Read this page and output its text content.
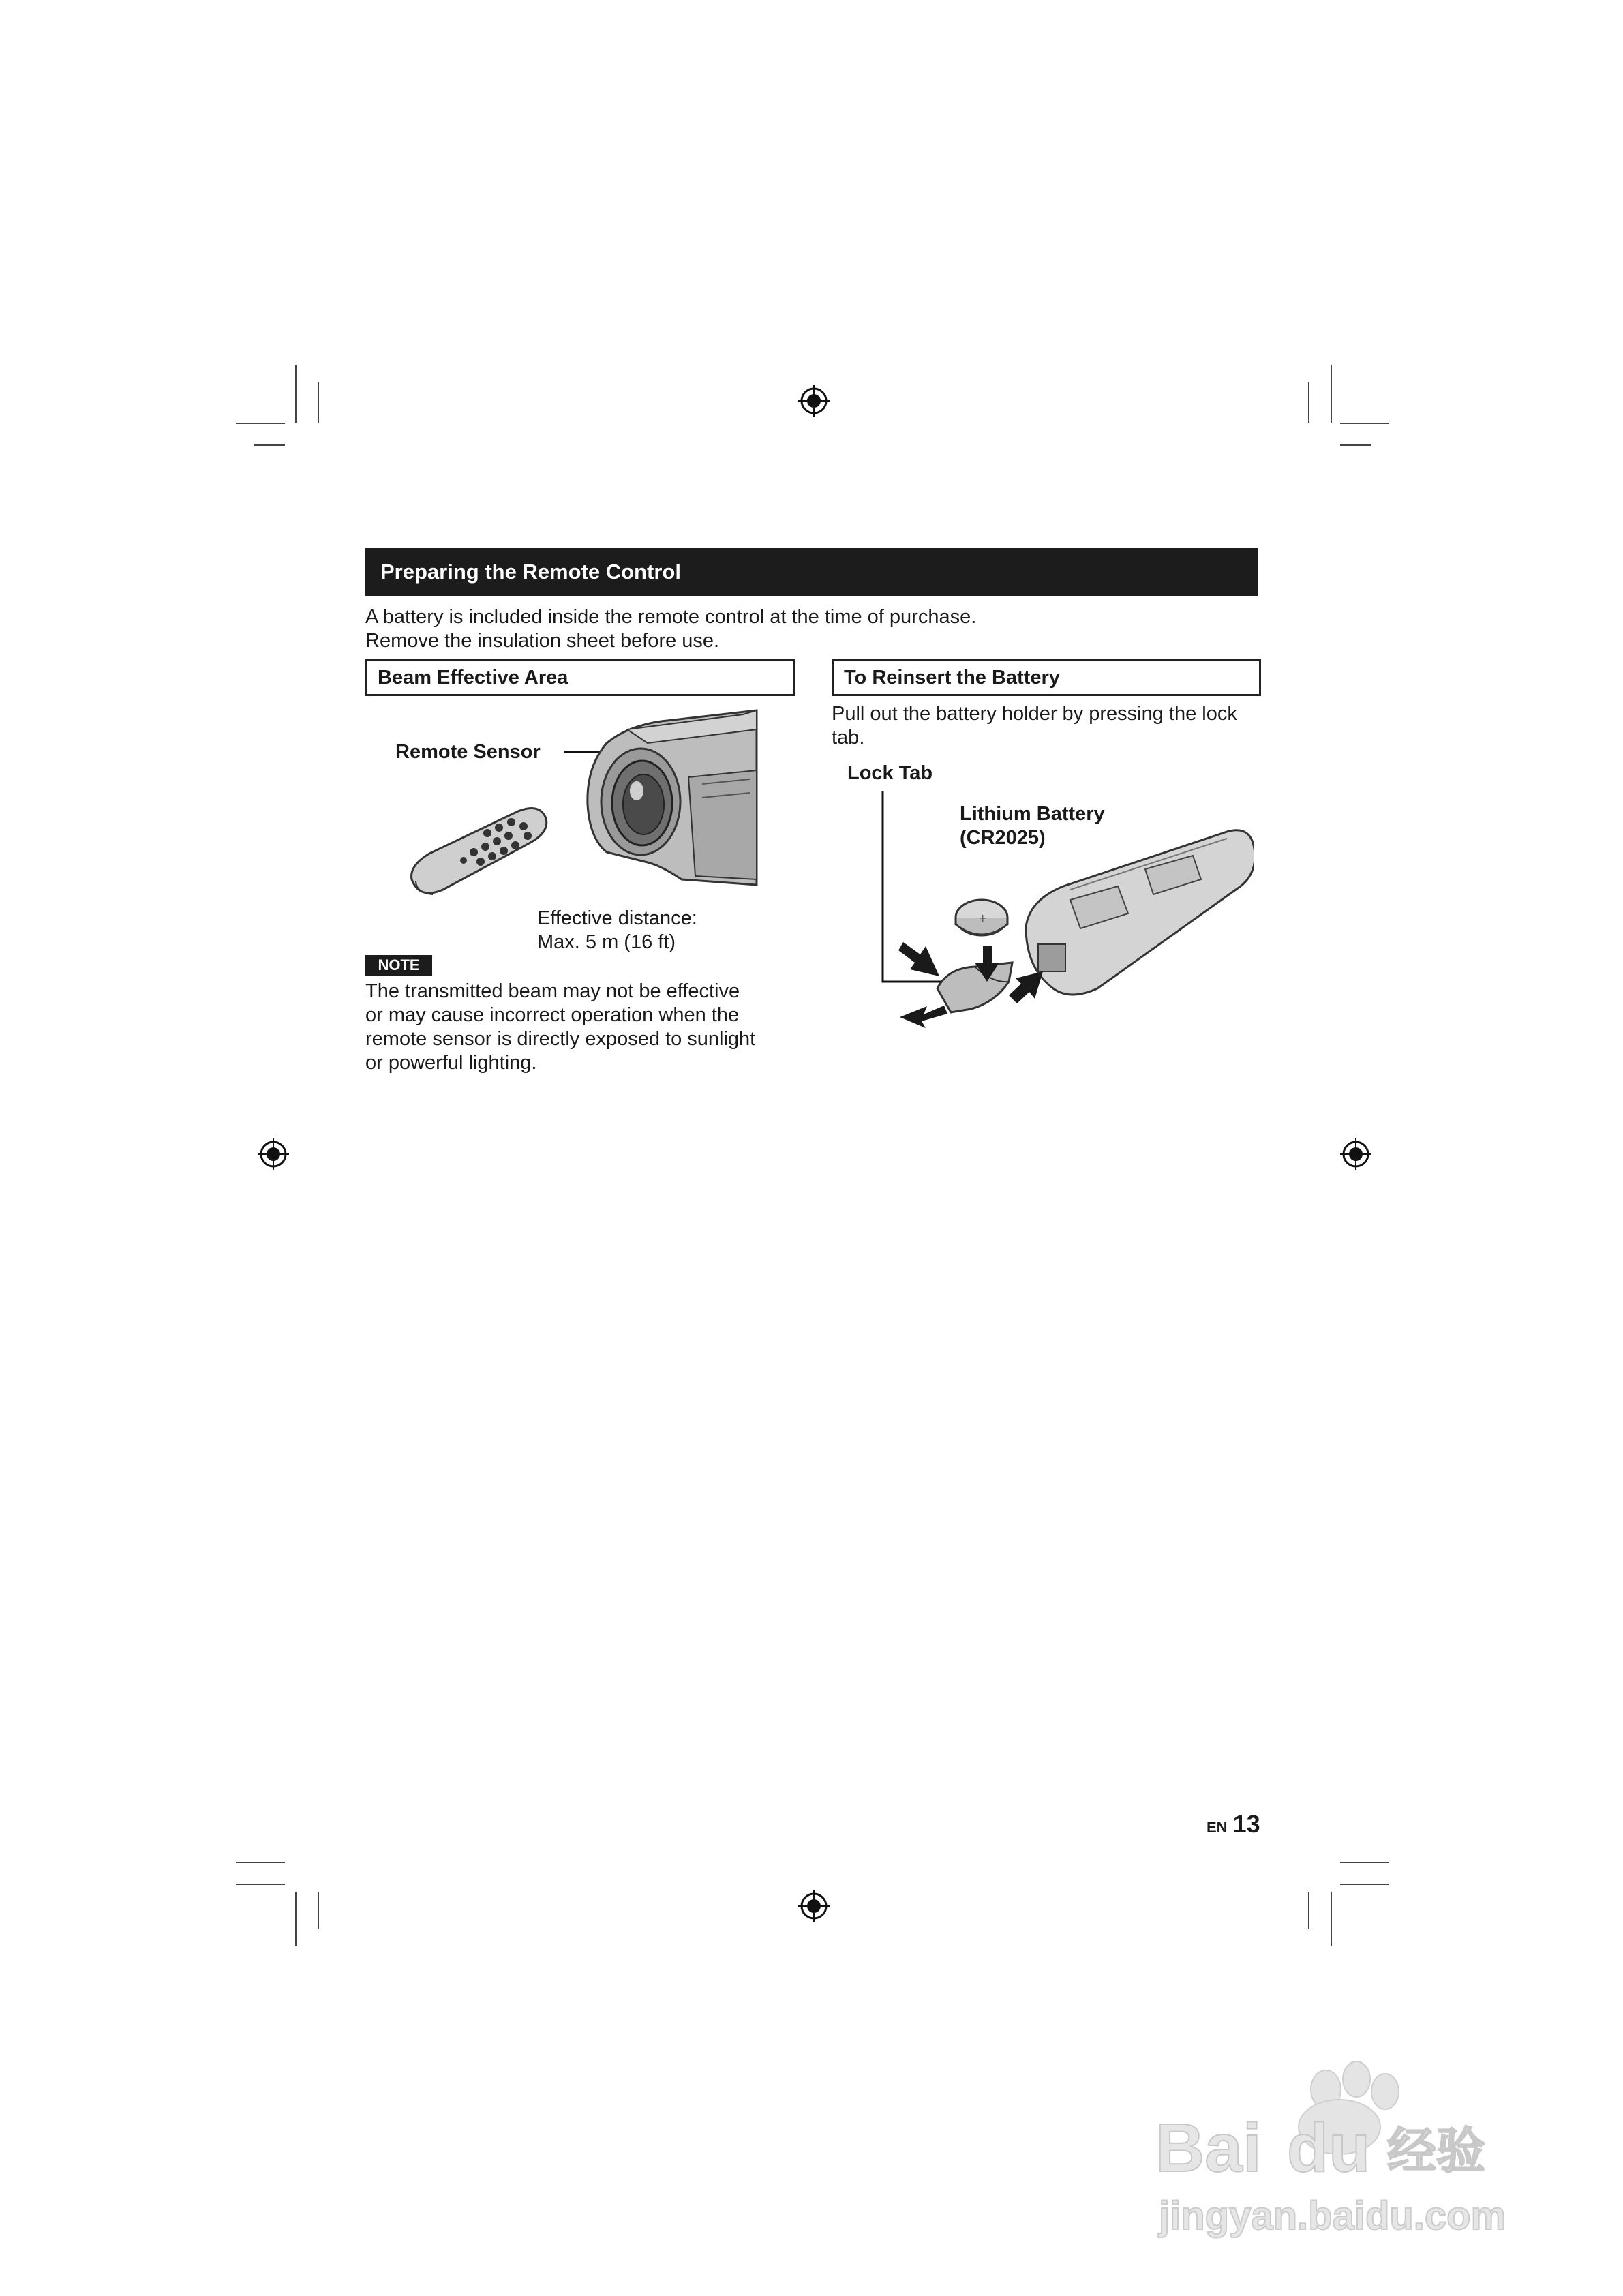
Preparing the Remote Control
A battery is included inside the remote control at the time of purchase.
Remove the insulation sheet before use.
Beam Effective Area
Remote Sensor
Effective distance:
Max. 5 m (16 ft)
NOTE
The transmitted beam may not be effective
or may cause incorrect operation when the
remote sensor is directly exposed to sunlight
or powerful lighting.
To Reinsert the Battery
Pull out the battery holder by pressing the lock
tab.
Lock Tab
Lithium Battery
(CR2025)
+
EN 13
Bai du 经验
jingyan.baidu.com
